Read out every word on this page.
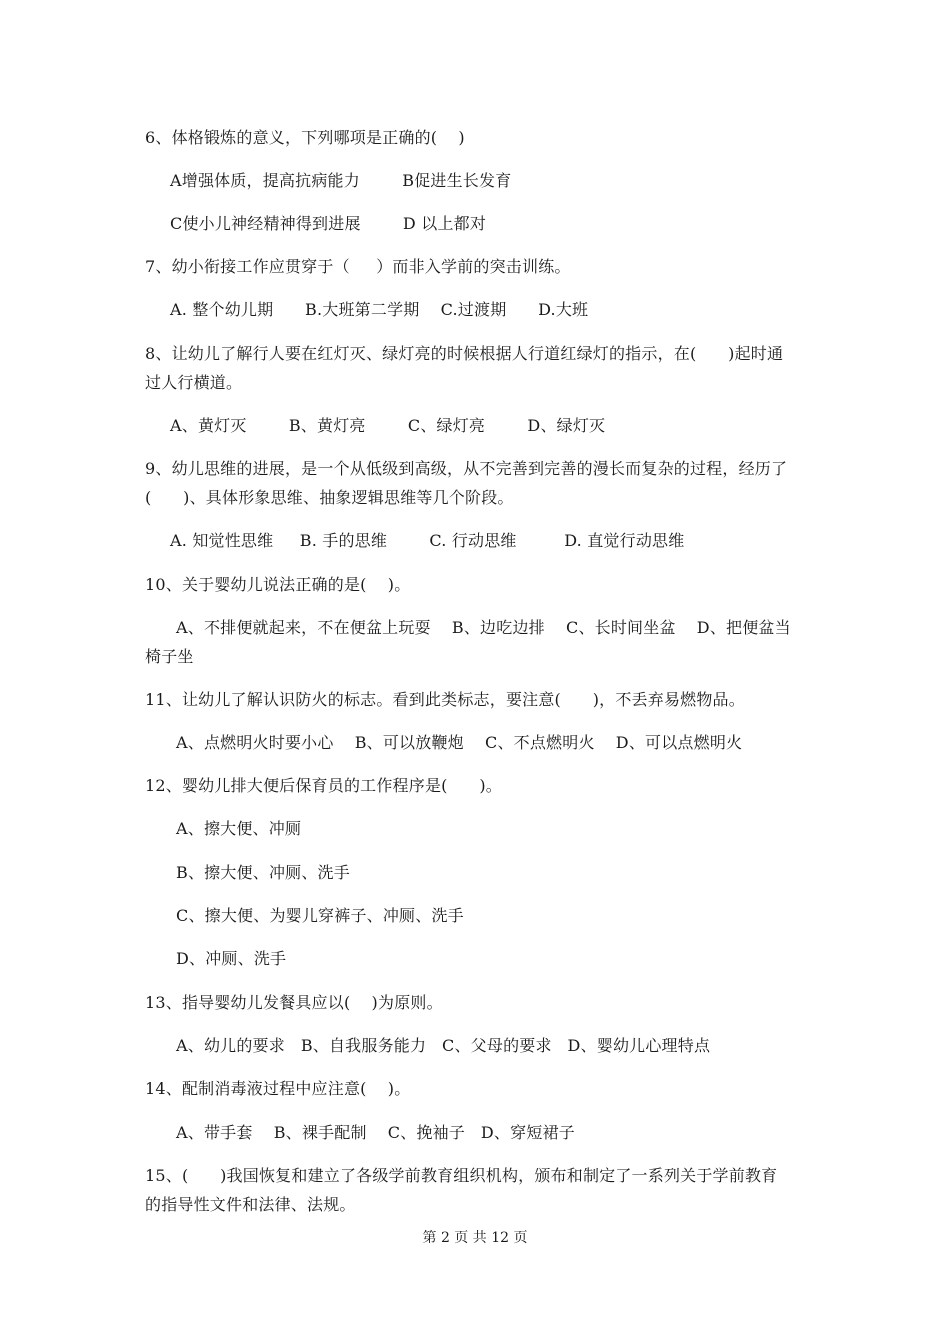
6、体格锻炼的意义，下列哪项是正确的(    )
A增强体质，提高抗病能力        B促进生长发育
C使小儿神经精神得到进展        D 以上都对
7、幼小衔接工作应贯穿于（     ）而非入学前的突击训练。
A. 整个幼儿期      B.大班第二学期    C.过渡期      D.大班
8、让幼儿了解行人要在红灯灭、绿灯亮的时候根据人行道红绿灯的指示，在(      )起时通
过人行横道。
A、黄灯灭        B、黄灯亮        C、绿灯亮        D、绿灯灭
9、幼儿思维的进展，是一个从低级到高级，从不完善到完善的漫长而复杂的过程，经历了
(      )、具体形象思维、抽象逻辑思维等几个阶段。
A. 知觉性思维     B. 手的思维        C. 行动思维         D. 直觉行动思维
10、关于婴幼儿说法正确的是(    )。
A、不排便就起来，不在便盆上玩耍    B、边吃边排    C、长时间坐盆    D、把便盆当
椅子坐
11、让幼儿了解认识防火的标志。看到此类标志，要注意(      )，不丢弃易燃物品。
A、点燃明火时要小心    B、可以放鞭炮    C、不点燃明火    D、可以点燃明火
12、婴幼儿排大便后保育员的工作程序是(      )。
A、擦大便、冲厕
B、擦大便、冲厕、洗手
C、擦大便、为婴儿穿裤子、冲厕、洗手
D、冲厕、洗手
13、指导婴幼儿发餐具应以(    )为原则。
A、幼儿的要求   B、自我服务能力   C、父母的要求   D、婴幼儿心理特点
14、配制消毒液过程中应注意(    )。
A、带手套    B、裸手配制    C、挽袖子   D、穿短裙子
15、(      )我国恢复和建立了各级学前教育组织机构，颁布和制定了一系列关于学前教育
的指导性文件和法律、法规。
第 2 页 共 12 页
